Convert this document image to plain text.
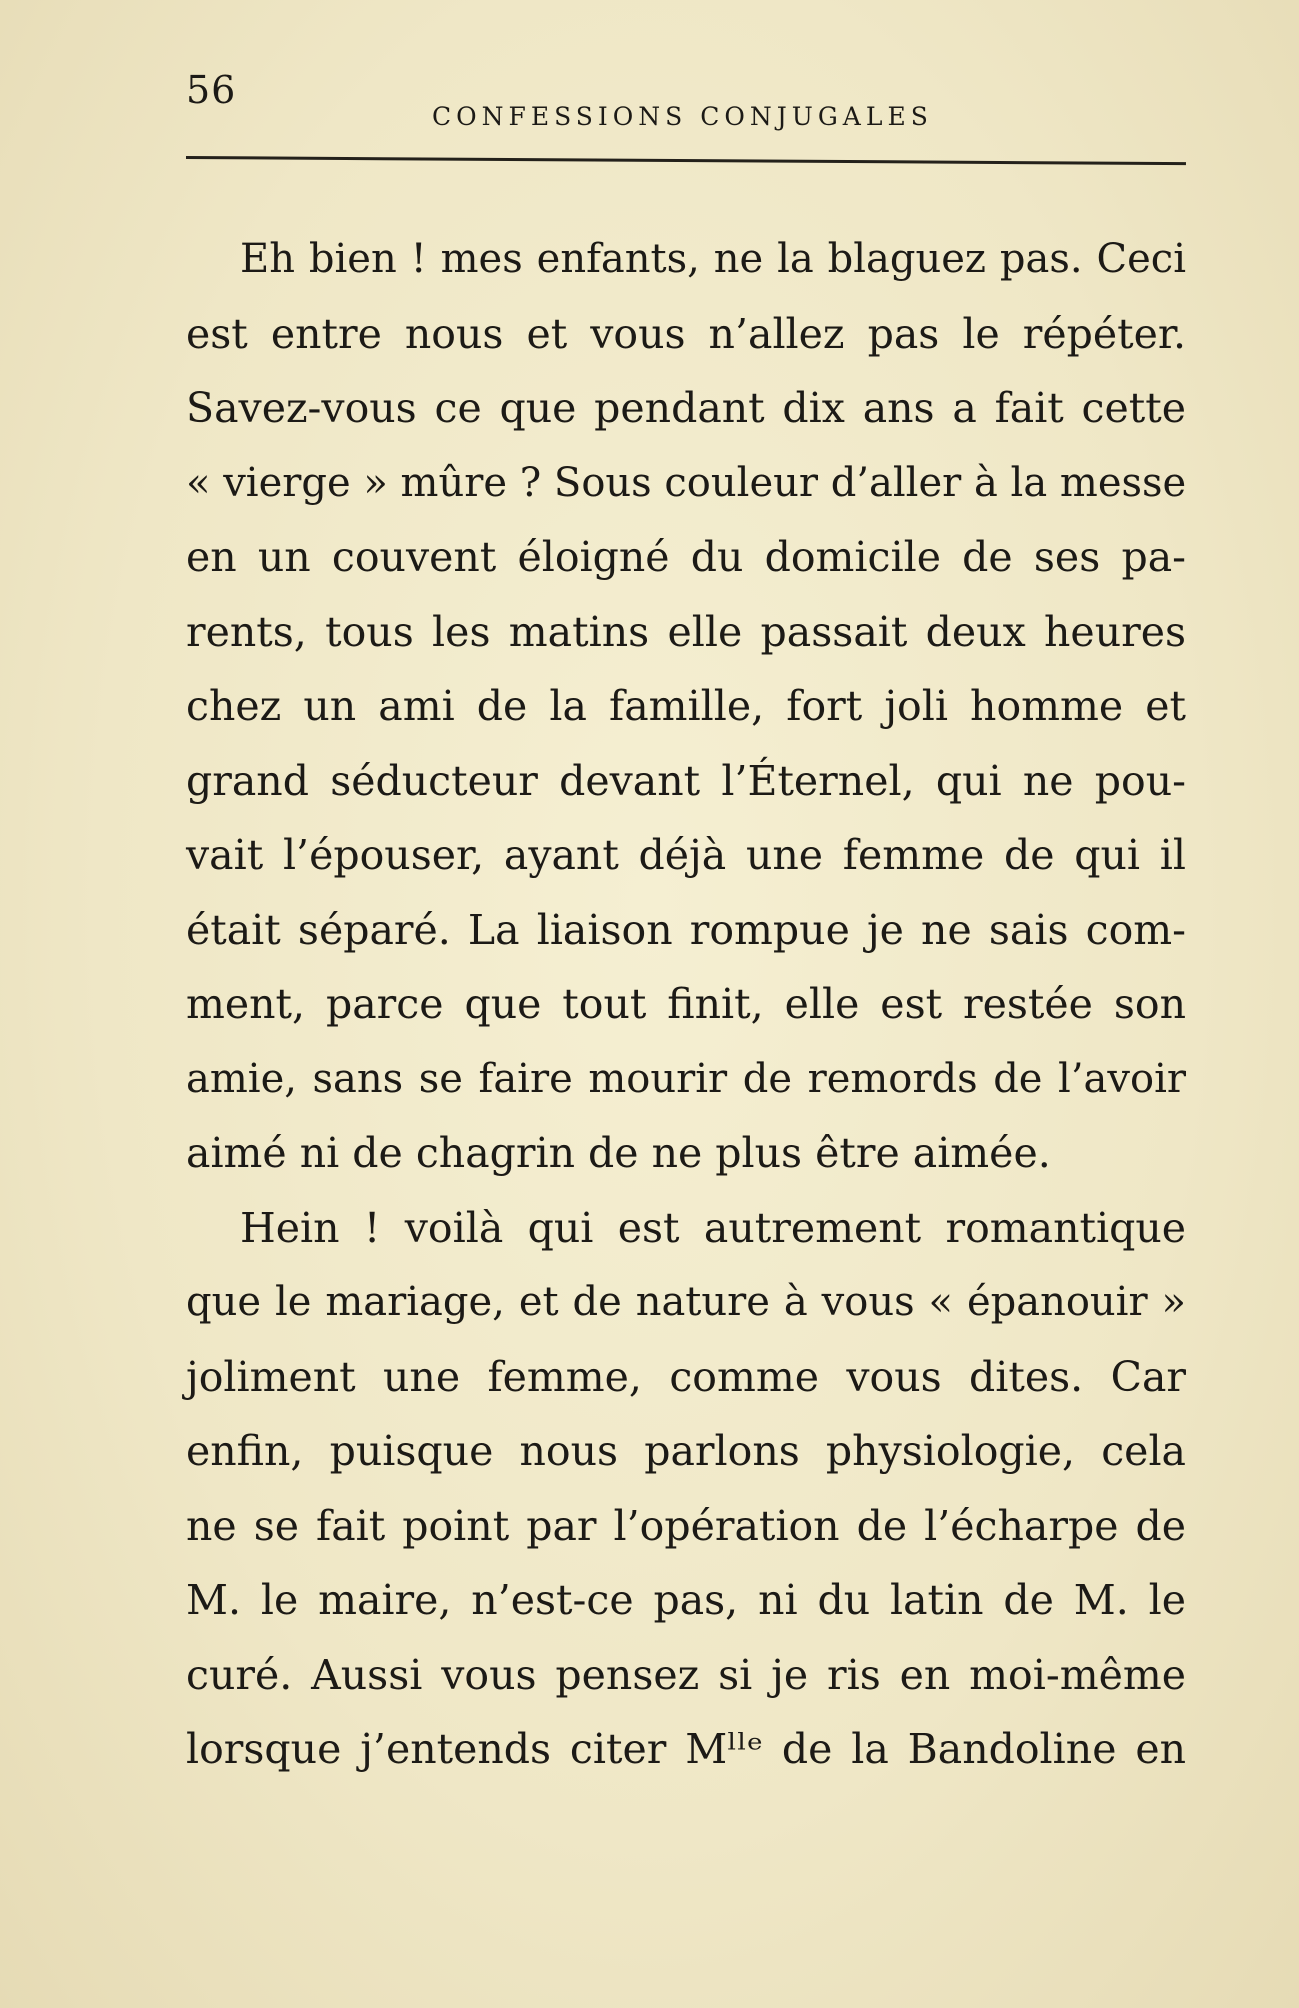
56
CONFESSIONS CONJUGALES
Eh bien ! mes enfants, ne la blaguez pas. Ceci
est entre nous et vous n’allez pas le répéter.
Savez-vous ce que pendant dix ans a fait cette
« vierge » mûre ? Sous couleur d’aller à la messe
en un couvent éloigné du domicile de ses pa-
rents, tous les matins elle passait deux heures
chez un ami de la famille, fort joli homme et
grand séducteur devant l’Éternel, qui ne pou-
vait l’épouser, ayant déjà une femme de qui il
était séparé. La liaison rompue je ne sais com-
ment, parce que tout finit, elle est restée son
amie, sans se faire mourir de remords de l’avoir
aimé ni de chagrin de ne plus être aimée.
Hein ! voilà qui est autrement romantique
que le mariage, et de nature à vous « épanouir »
joliment une femme, comme vous dites. Car
enfin, puisque nous parlons physiologie, cela
ne se fait point par l’opération de l’écharpe de
M. le maire, n’est-ce pas, ni du latin de M. le
curé. Aussi vous pensez si je ris en moi-même
lorsque j’entends citer Mˡˡᵉ de la Bandoline en
